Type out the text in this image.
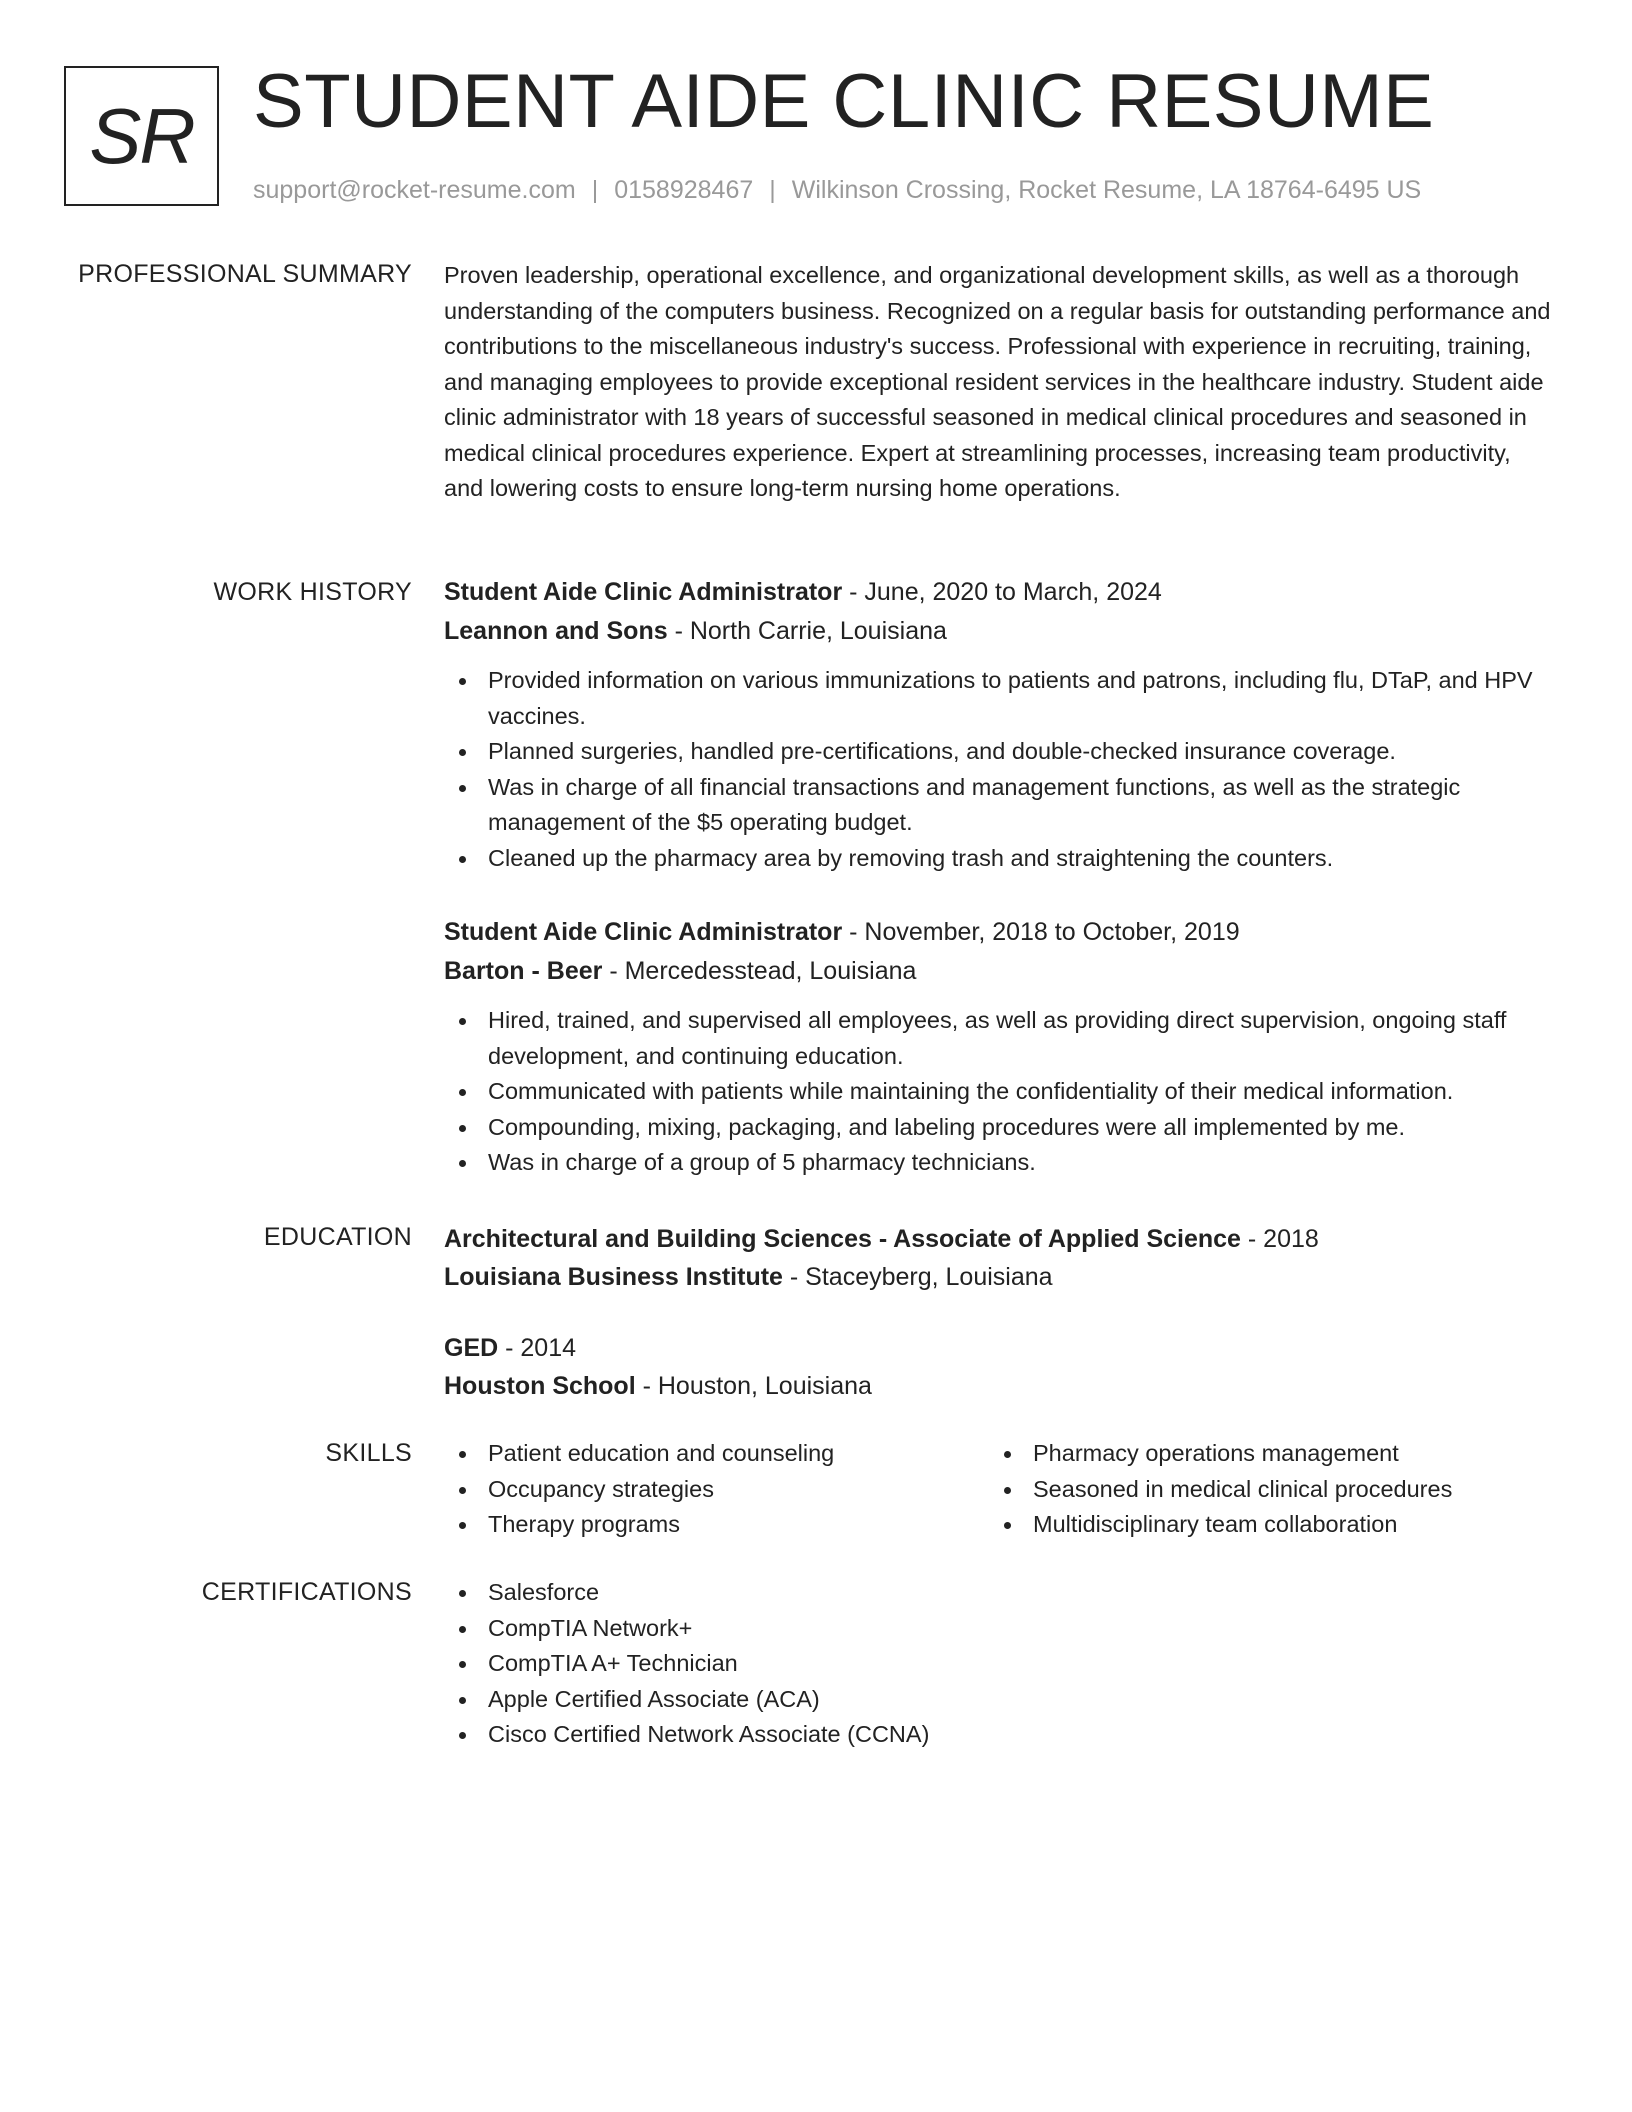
SR STUDENT AIDE CLINIC RESUME
support@rocket-resume.com | 0158928467 | Wilkinson Crossing, Rocket Resume, LA 18764-6495 US
PROFESSIONAL SUMMARY Proven leadership, operational excellence, and organizational development skills, as well as a thorough understanding of the computers business. Recognized on a regular basis for outstanding performance and contributions to the miscellaneous industry's success. Professional with experience in recruiting, training, and managing employees to provide exceptional resident services in the healthcare industry. Student aide clinic administrator with 18 years of successful seasoned in medical clinical procedures and seasoned in medical clinical procedures experience. Expert at streamlining processes, increasing team productivity, and lowering costs to ensure long-term nursing home operations.

WORK HISTORY Student Aide Clinic Administrator - June, 2020 to March, 2024
Leannon and Sons - North Carrie, Louisiana
Provided information on various immunizations to patients and patrons, including flu, DTaP, and HPV vaccines.
Planned surgeries, handled pre-certifications, and double-checked insurance coverage.
Was in charge of all financial transactions and management functions, as well as the strategic management of the $5 operating budget.
Cleaned up the pharmacy area by removing trash and straightening the counters.
Student Aide Clinic Administrator - November, 2018 to October, 2019
Barton - Beer - Mercedesstead, Louisiana
Hired, trained, and supervised all employees, as well as providing direct supervision, ongoing staff development, and continuing education.
Communicated with patients while maintaining the confidentiality of their medical information.
Compounding, mixing, packaging, and labeling procedures were all implemented by me.
Was in charge of a group of 5 pharmacy technicians.
EDUCATION Architectural and Building Sciences - Associate of Applied Science - 2018
Louisiana Business Institute - Staceyberg, Louisiana
GED - 2014
Houston School - Houston, Louisiana
SKILLS	Patient education and counseling
Occupancy strategies
Therapy programs
Pharmacy operations management
Seasoned in medical clinical procedures
Multidisciplinary team collaboration
CERTIFICATIONS	Salesforce
CompTIA Network+
CompTIA A+ Technician
Apple Certified Associate (ACA)
Cisco Certified Network Associate (CCNA)
